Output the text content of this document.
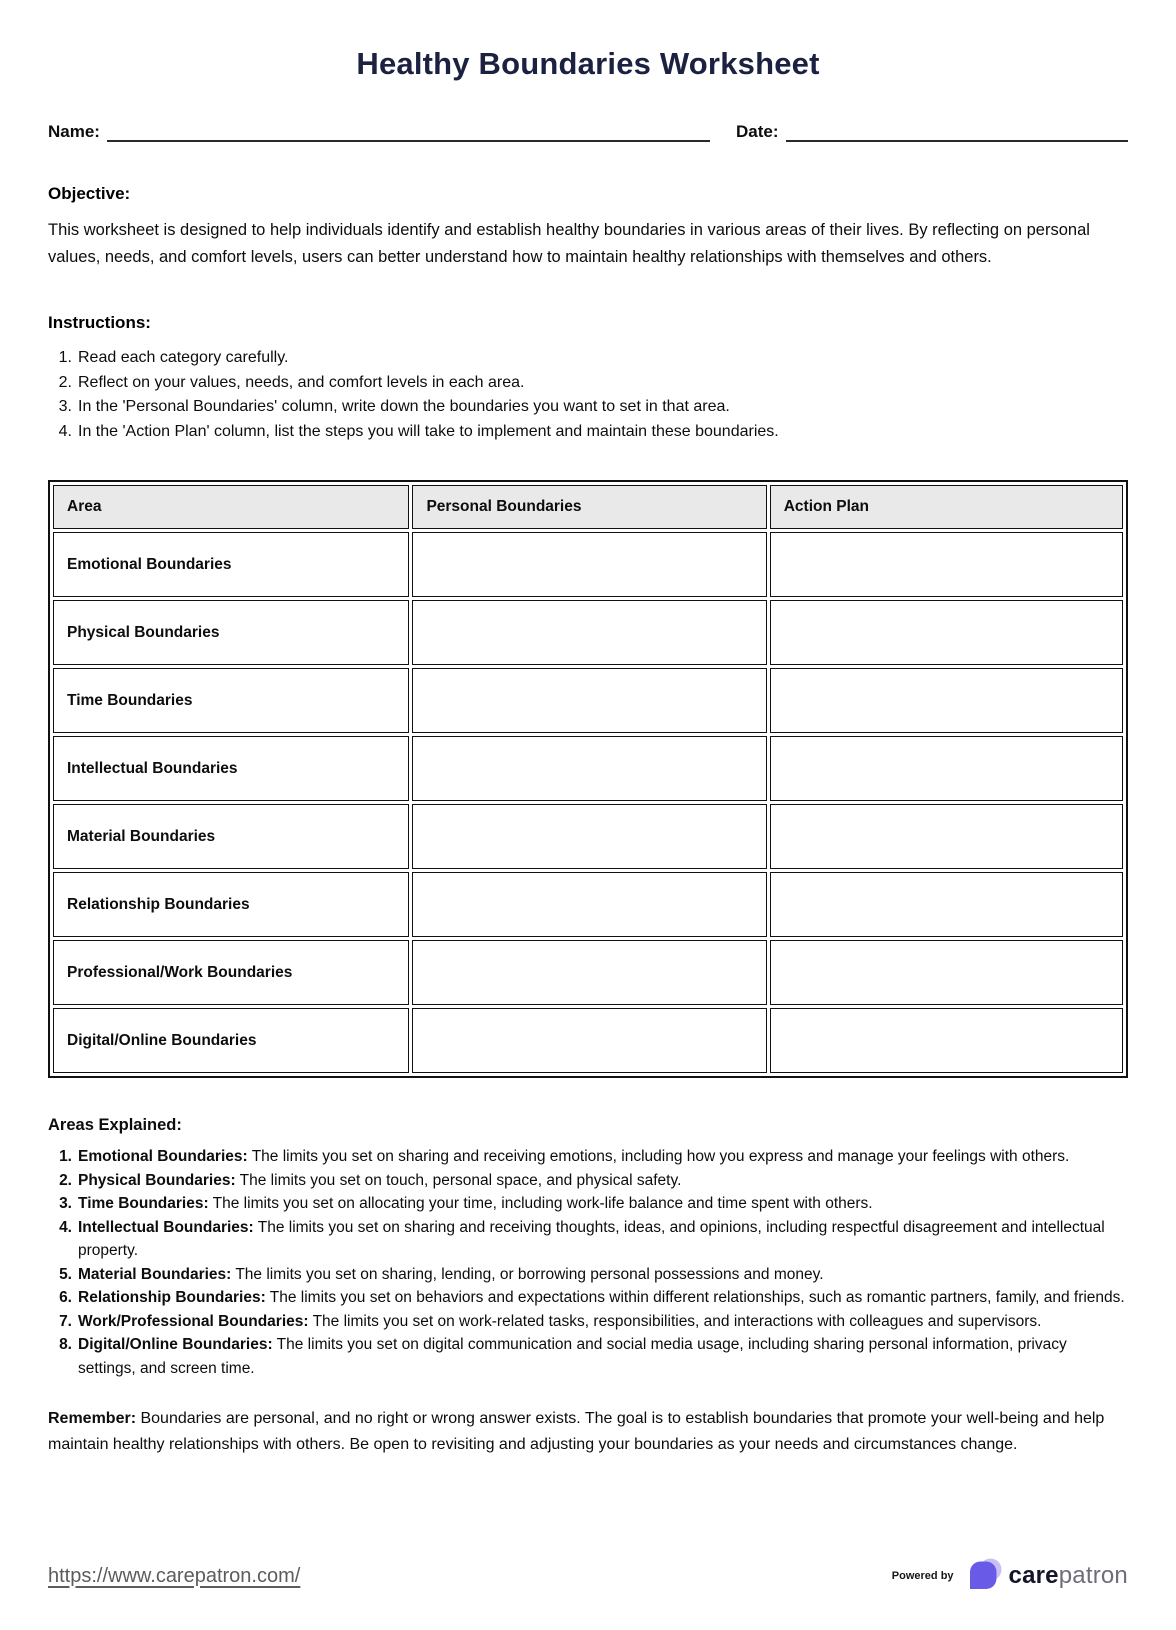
Healthy Boundaries Worksheet
Name:	Date:
Objective:

This worksheet is designed to help individuals identify and establish healthy boundaries in various areas of their lives. By reflecting on personal values, needs, and comfort levels, users can better understand how to maintain healthy relationships with themselves and others.

Instructions:
1. Read each category carefully.
2. Reflect on your values, needs, and comfort levels in each area.
3. In the 'Personal Boundaries' column, write down the boundaries you want to set in that area.
4. In the 'Action Plan' column, list the steps you will take to implement and maintain these boundaries.
Area	Personal Boundaries	Action Plan
Emotional Boundaries		
Physical Boundaries		
Time Boundaries		
Intellectual Boundaries		
Material Boundaries		
Relationship Boundaries		
Professional/Work Boundaries		
Digital/Online Boundaries		
Areas Explained:
1. Emotional Boundaries: The limits you set on sharing and receiving emotions, including how you express and manage your feelings with others.
2. Physical Boundaries: The limits you set on touch, personal space, and physical safety.
3. Time Boundaries: The limits you set on allocating your time, including work-life balance and time spent with others.
4. Intellectual Boundaries: The limits you set on sharing and receiving thoughts, ideas, and opinions, including respectful disagreement and intellectual property.
5. Material Boundaries: The limits you set on sharing, lending, or borrowing personal possessions and money.
6. Relationship Boundaries: The limits you set on behaviors and expectations within different relationships, such as romantic partners, family, and friends.
7. Work/Professional Boundaries: The limits you set on work-related tasks, responsibilities, and interactions with colleagues and supervisors.
8. Digital/Online Boundaries: The limits you set on digital communication and social media usage, including sharing personal information, privacy settings, and screen time.

Remember: Boundaries are personal, and no right or wrong answer exists. The goal is to establish boundaries that promote your well-being and help maintain healthy relationships with others. Be open to revisiting and adjusting your boundaries as your needs and circumstances change.

https://www.carepatron.com/	Powered by carepatron
